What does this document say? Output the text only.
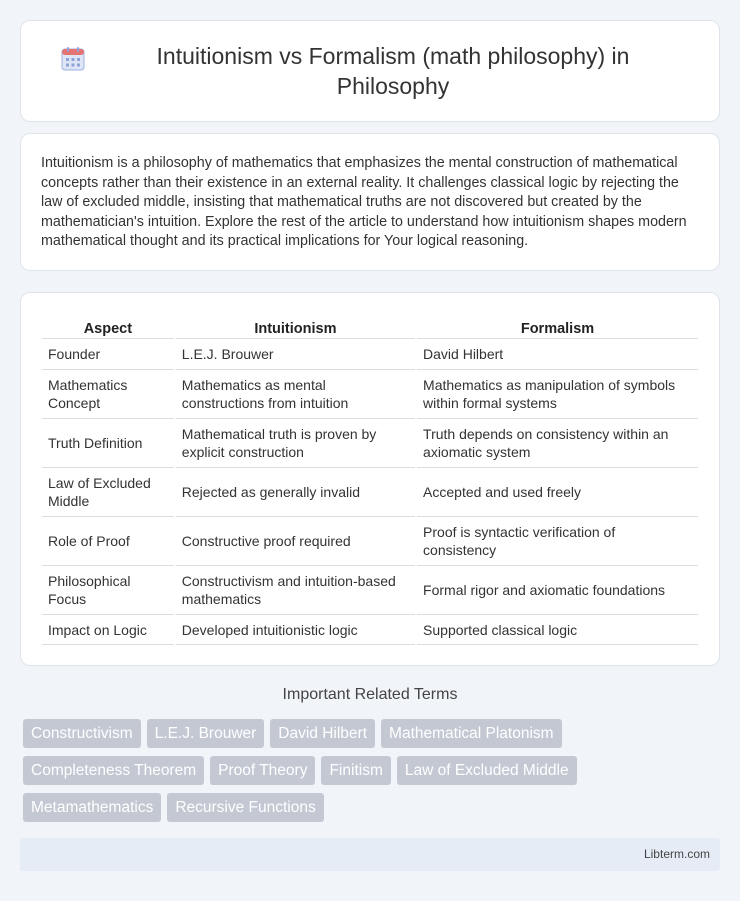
Intuitionism vs Formalism (math philosophy) in Philosophy

Intuitionism is a philosophy of mathematics that emphasizes the mental construction of mathematical concepts rather than their existence in an external reality. It challenges classical logic by rejecting the law of excluded middle, insisting that mathematical truths are not discovered but created by the mathematician's intuition. Explore the rest of the article to understand how intuitionism shapes modern mathematical thought and its practical implications for Your logical reasoning.

Aspect	Intuitionism	Formalism
Founder	L.E.J. Brouwer	David Hilbert
Mathematics Concept	Mathematics as mental constructions from intuition	Mathematics as manipulation of symbols within formal systems
Truth Definition	Mathematical truth is proven by explicit construction	Truth depends on consistency within an axiomatic system
Law of Excluded Middle	Rejected as generally invalid	Accepted and used freely
Role of Proof	Constructive proof required	Proof is syntactic verification of consistency
Philosophical Focus	Constructivism and intuition-based mathematics	Formal rigor and axiomatic foundations
Impact on Logic	Developed intuitionistic logic	Supported classical logic
Important Related Terms
Constructivism	L.E.J. Brouwer	David Hilbert	Mathematical Platonism
Completeness Theorem	Proof Theory	Finitism	Law of Excluded Middle
Metamathematics	Recursive Functions
Libterm.com
